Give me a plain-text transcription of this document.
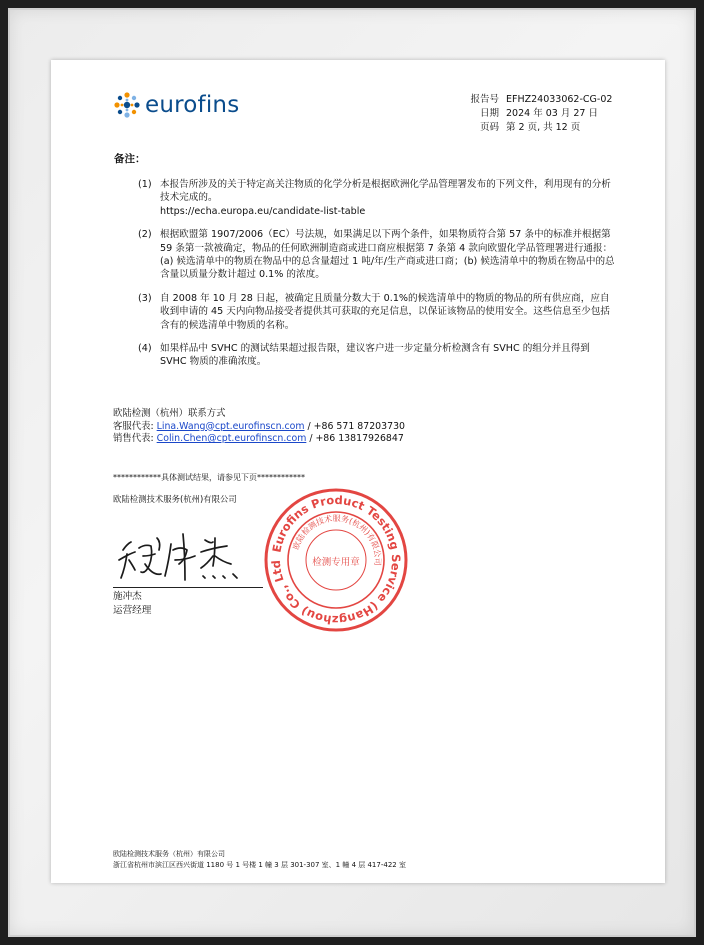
eurofins	报告号 EFHZ24033062-CG-02
日期 2024 年 03 月 27 日
页码 第 2 页, 共 12 页
备注：
(1) 本报告所涉及的关于特定高关注物质的化学分析是根据欧洲化学品管理署发布的下列文件，利用现有的分析技术完成的。
https://echa.europa.eu/candidate-list-table
(2) 根据欧盟第 1907/2006（EC）号法规，如果满足以下两个条件，如果物质符合第 57 条中的标准并根据第 59 条第一款被确定，物品的任何欧洲制造商或进口商应根据第 7 条第 4 款向欧盟化学品管理署进行通报：(a) 候选清单中的物质在物品中的总含量超过 1 吨/年/生产商或进口商；(b) 候选清单中的物质在物品中的总含量以质量分数计超过 0.1% 的浓度。
(3) 自 2008 年 10 月 28 日起，被确定且质量分数大于 0.1%的候选清单中的物质的物品的所有供应商，应自收到申请的 45 天内向物品接受者提供其可获取的充足信息，以保证该物品的使用安全。这些信息至少包括含有的候选清单中物质的名称。
(4) 如果样品中 SVHC 的测试结果超过报告限，建议客户进一步定量分析检测含有 SVHC 的组分并且得到 SVHC 物质的准确浓度。
欧陆检测（杭州）联系方式
客服代表:
Lina.Wang@cpt.eurofinscn.com
/ +86 571 87203730
销售代表:
Colin.Chen@cpt.eurofinscn.com
/ +86 13817926847
************具体测试结果，请参见下页************
欧陆检测技术服务(杭州)有限公司
施冲杰
运营经理
Eurofins Product Testing Service (Hangzhou) Co., Ltd
欧陆检测技术服务(杭州)有限公司
检测专用章
欧陆检测技术服务（杭州）有限公司
浙江省杭州市滨江区西兴街道 1180 号 1 号楼 1 幢 3 层 301-307 室、1 幢 4 层 417-422 室
